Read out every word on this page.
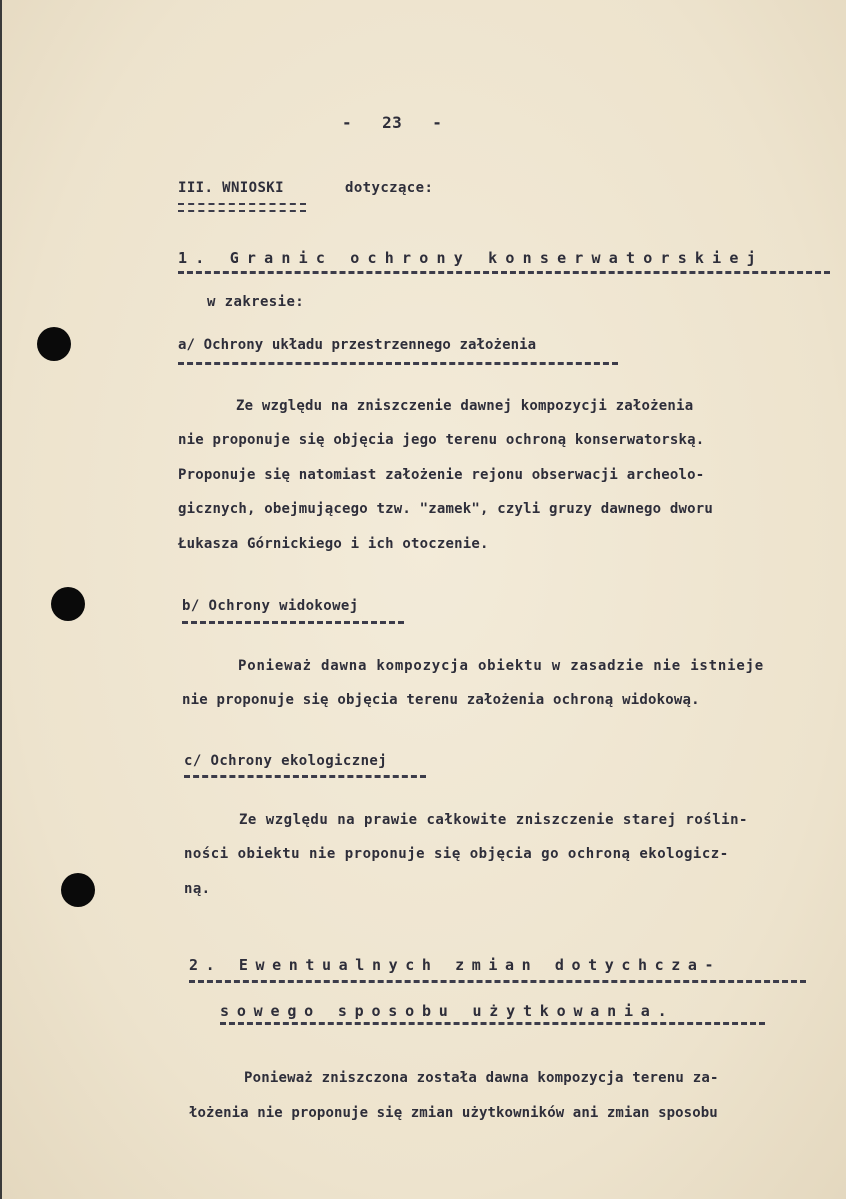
-   23   -
III. WNIOSKI	dotyczące:
1. Granic ochrony konserwatorskiej
w zakresie:
a/ Ochrony układu przestrzennego założenia
Ze względu na zniszczenie dawnej kompozycji założenia
nie proponuje się objęcia jego terenu ochroną konserwatorską.
Proponuje się natomiast założenie rejonu obserwacji archeolo-
gicznych, obejmującego tzw. "zamek", czyli gruzy dawnego dworu
Łukasza Górnickiego i ich otoczenie.
b/ Ochrony widokowej
Ponieważ dawna kompozycja obiektu w zasadzie nie istnieje
nie proponuje się objęcia terenu założenia ochroną widokową.
c/ Ochrony ekologicznej
Ze względu na prawie całkowite zniszczenie starej roślin-
ności obiektu nie proponuje się objęcia go ochroną ekologicz-
ną.
2. Ewentualnych zmian dotychcza-
sowego sposobu użytkowania.
Ponieważ zniszczona została dawna kompozycja terenu za-
łożenia nie proponuje się zmian użytkowników ani zmian sposobu
